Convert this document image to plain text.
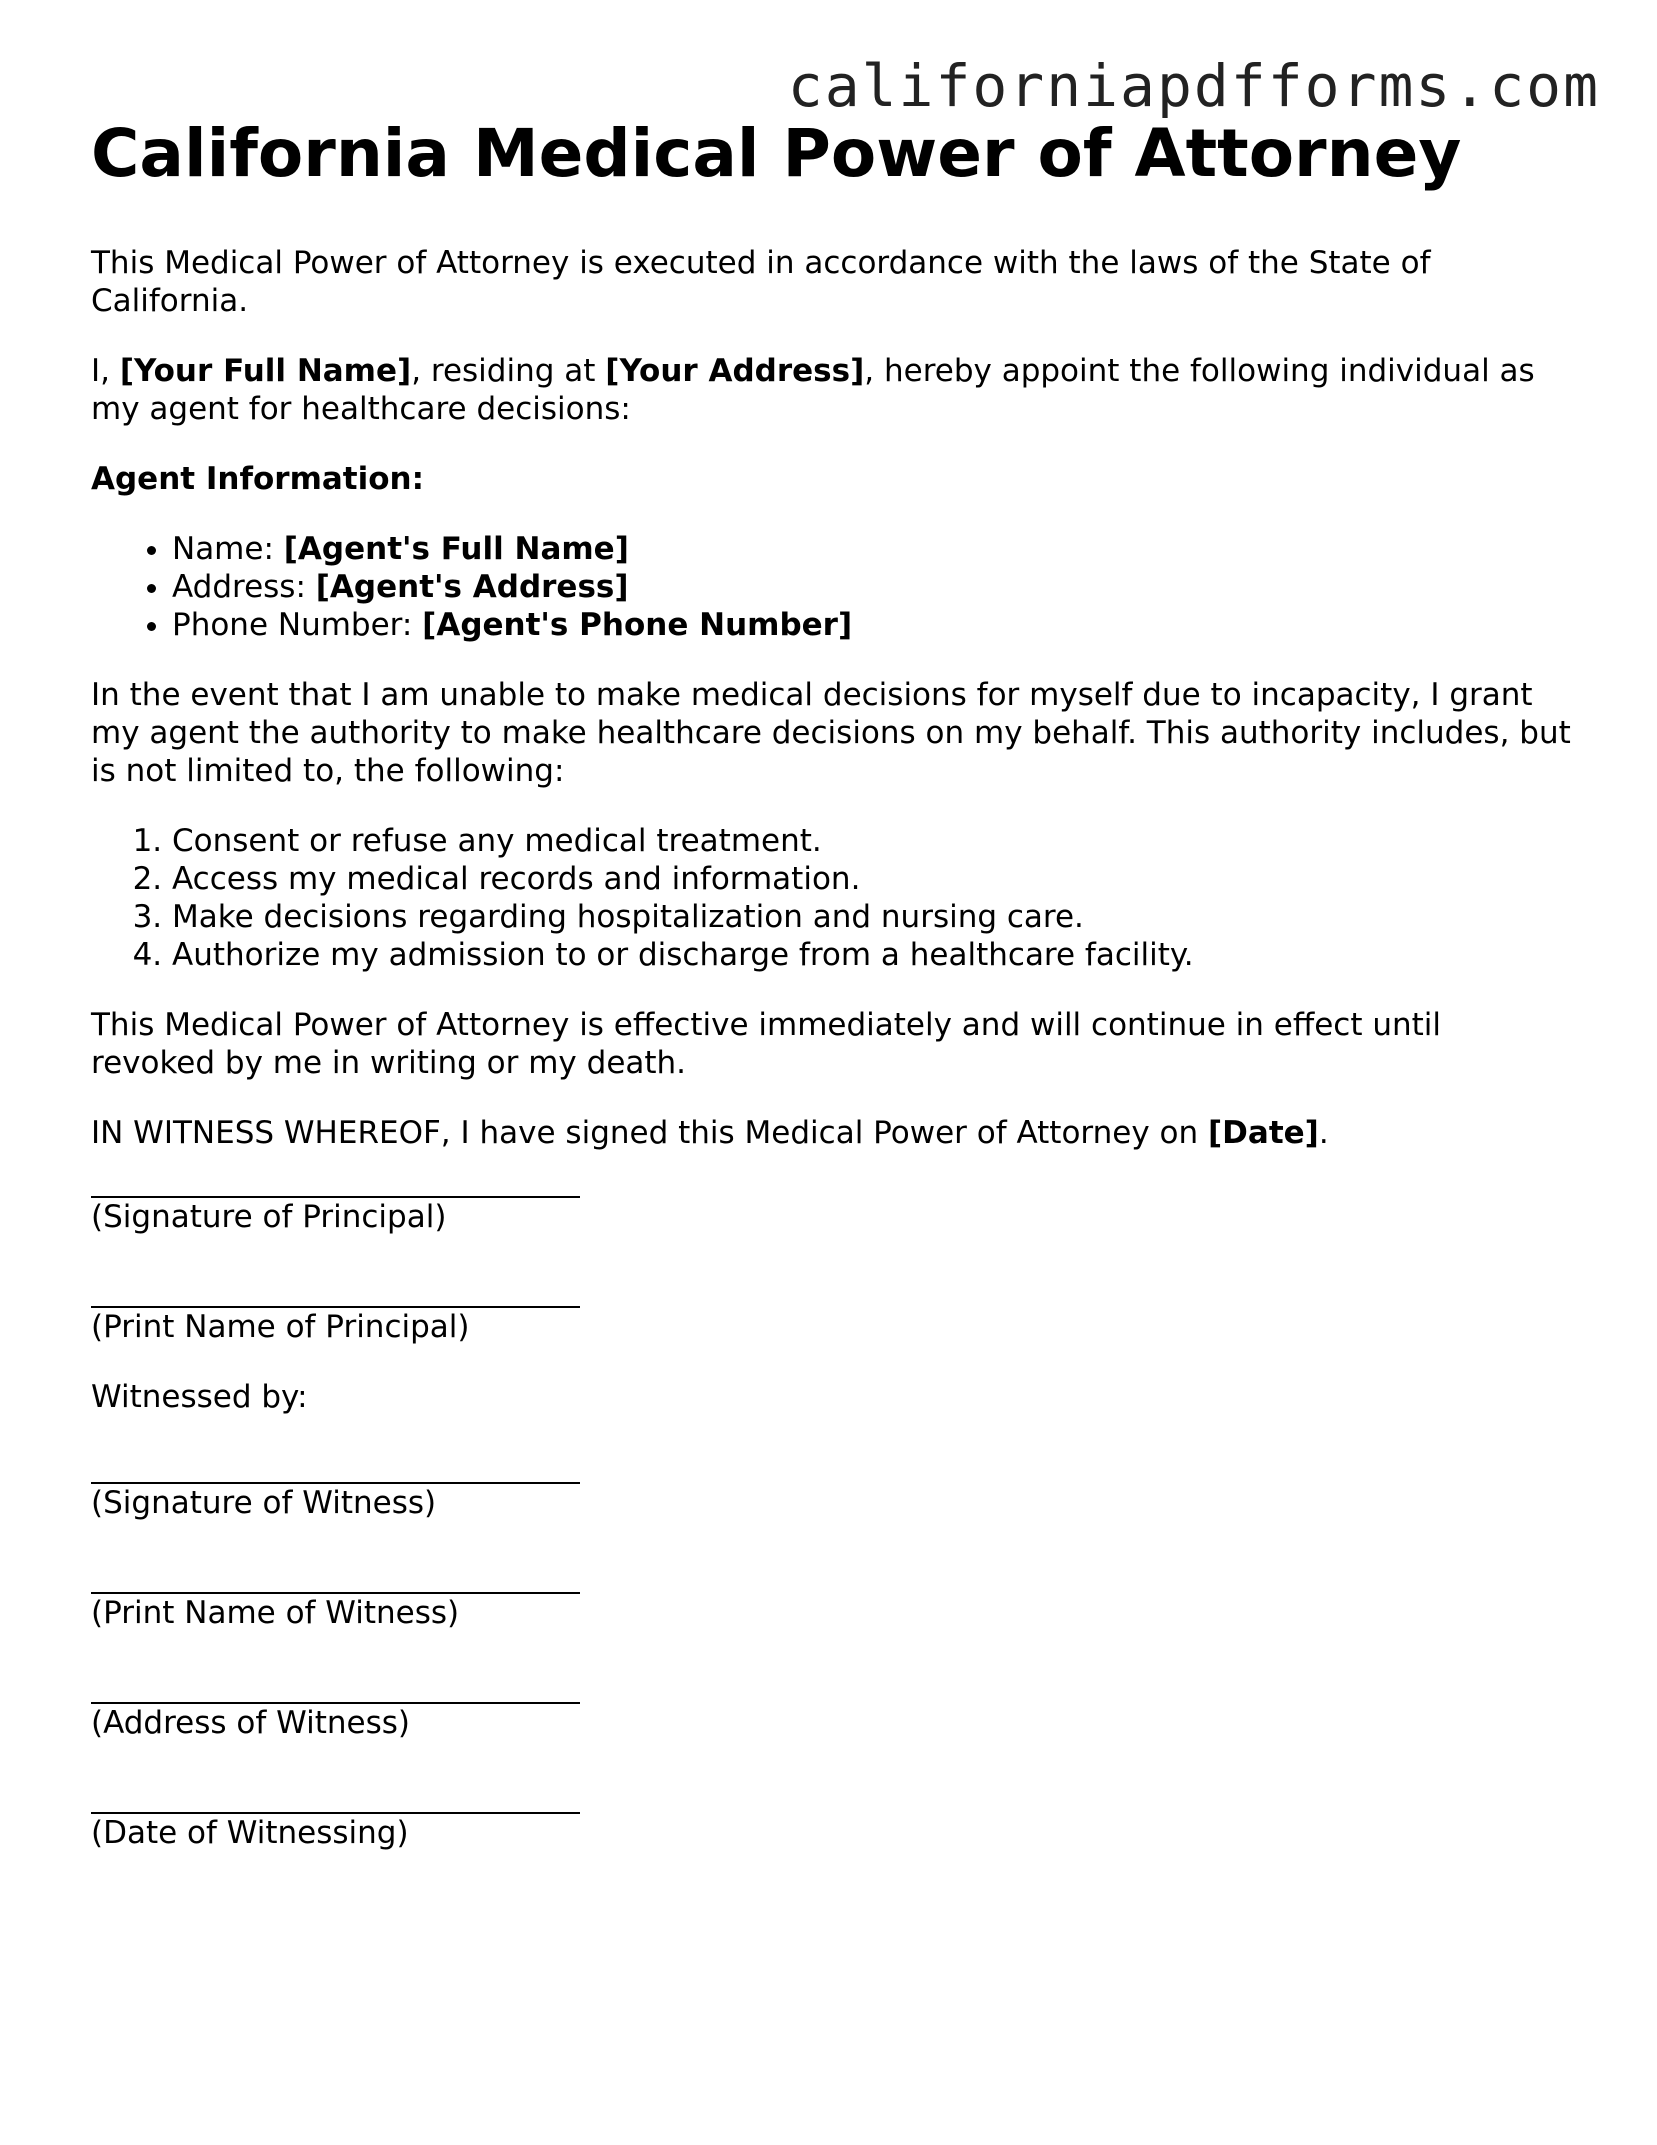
californiapdfforms.com
California Medical Power of Attorney

This Medical Power of Attorney is executed in accordance with the laws of the State of California.

I, [Your Full Name], residing at [Your Address], hereby appoint the following individual as my agent for healthcare decisions:

Agent Information:

• Name: [Agent's Full Name]
• Address: [Agent's Address]
• Phone Number: [Agent's Phone Number]

In the event that I am unable to make medical decisions for myself due to incapacity, I grant my agent the authority to make healthcare decisions on my behalf. This authority includes, but is not limited to, the following:

1. Consent or refuse any medical treatment.
2. Access my medical records and information.
3. Make decisions regarding hospitalization and nursing care.
4. Authorize my admission to or discharge from a healthcare facility.

This Medical Power of Attorney is effective immediately and will continue in effect until revoked by me in writing or my death.

IN WITNESS WHEREOF, I have signed this Medical Power of Attorney on [Date].

(Signature of Principal)
(Print Name of Principal)

Witnessed by:

(Signature of Witness)
(Print Name of Witness)
(Address of Witness)
(Date of Witnessing)
